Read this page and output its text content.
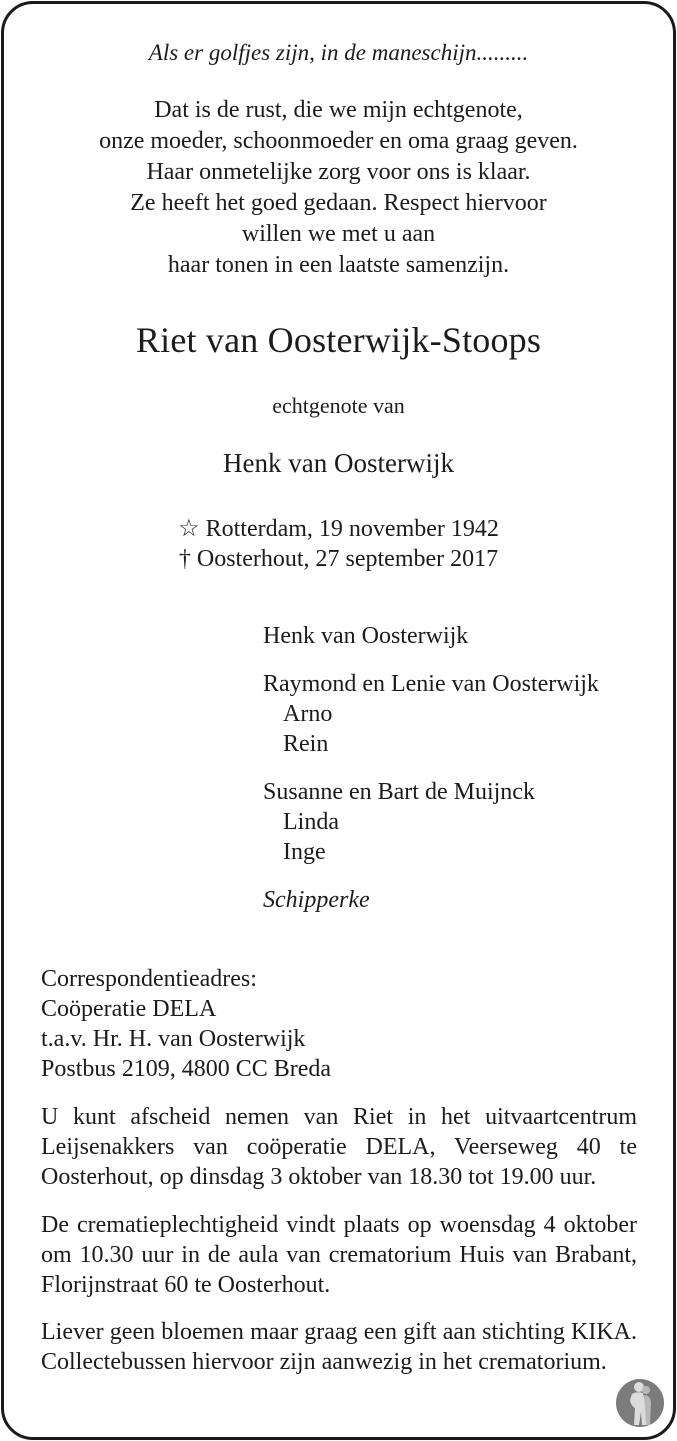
Als er golfjes zijn, in de maneschijn.........
Dat is de rust, die we mijn echtgenote,
onze moeder, schoonmoeder en oma graag geven.
Haar onmetelijke zorg voor ons is klaar.
Ze heeft het goed gedaan. Respect hiervoor
willen we met u aan
haar tonen in een laatste samenzijn.
Riet van Oosterwijk-Stoops
echtgenote van
Henk van Oosterwijk
☆ Rotterdam, 19 november 1942
† Oosterhout, 27 september 2017
Henk van Oosterwijk
Raymond en Lenie van Oosterwijk
Arno
Rein
Susanne en Bart de Muijnck
Linda
Inge
Schipperke
Correspondentieadres:
Coöperatie DELA
t.a.v. Hr. H. van Oosterwijk
Postbus 2109, 4800 CC Breda
U kunt afscheid nemen van Riet in het uitvaartcentrum Leijsenakkers van coöperatie DELA, Veerseweg 40 te Oosterhout, op dinsdag 3 oktober van 18.30 tot 19.00 uur.
De crematieplechtigheid vindt plaats op woensdag 4 oktober om 10.30 uur in de aula van crematorium Huis van Brabant, Florijnstraat 60 te Oosterhout.
Liever geen bloemen maar graag een gift aan stichting KIKA. Collectebussen hiervoor zijn aanwezig in het crematorium.
